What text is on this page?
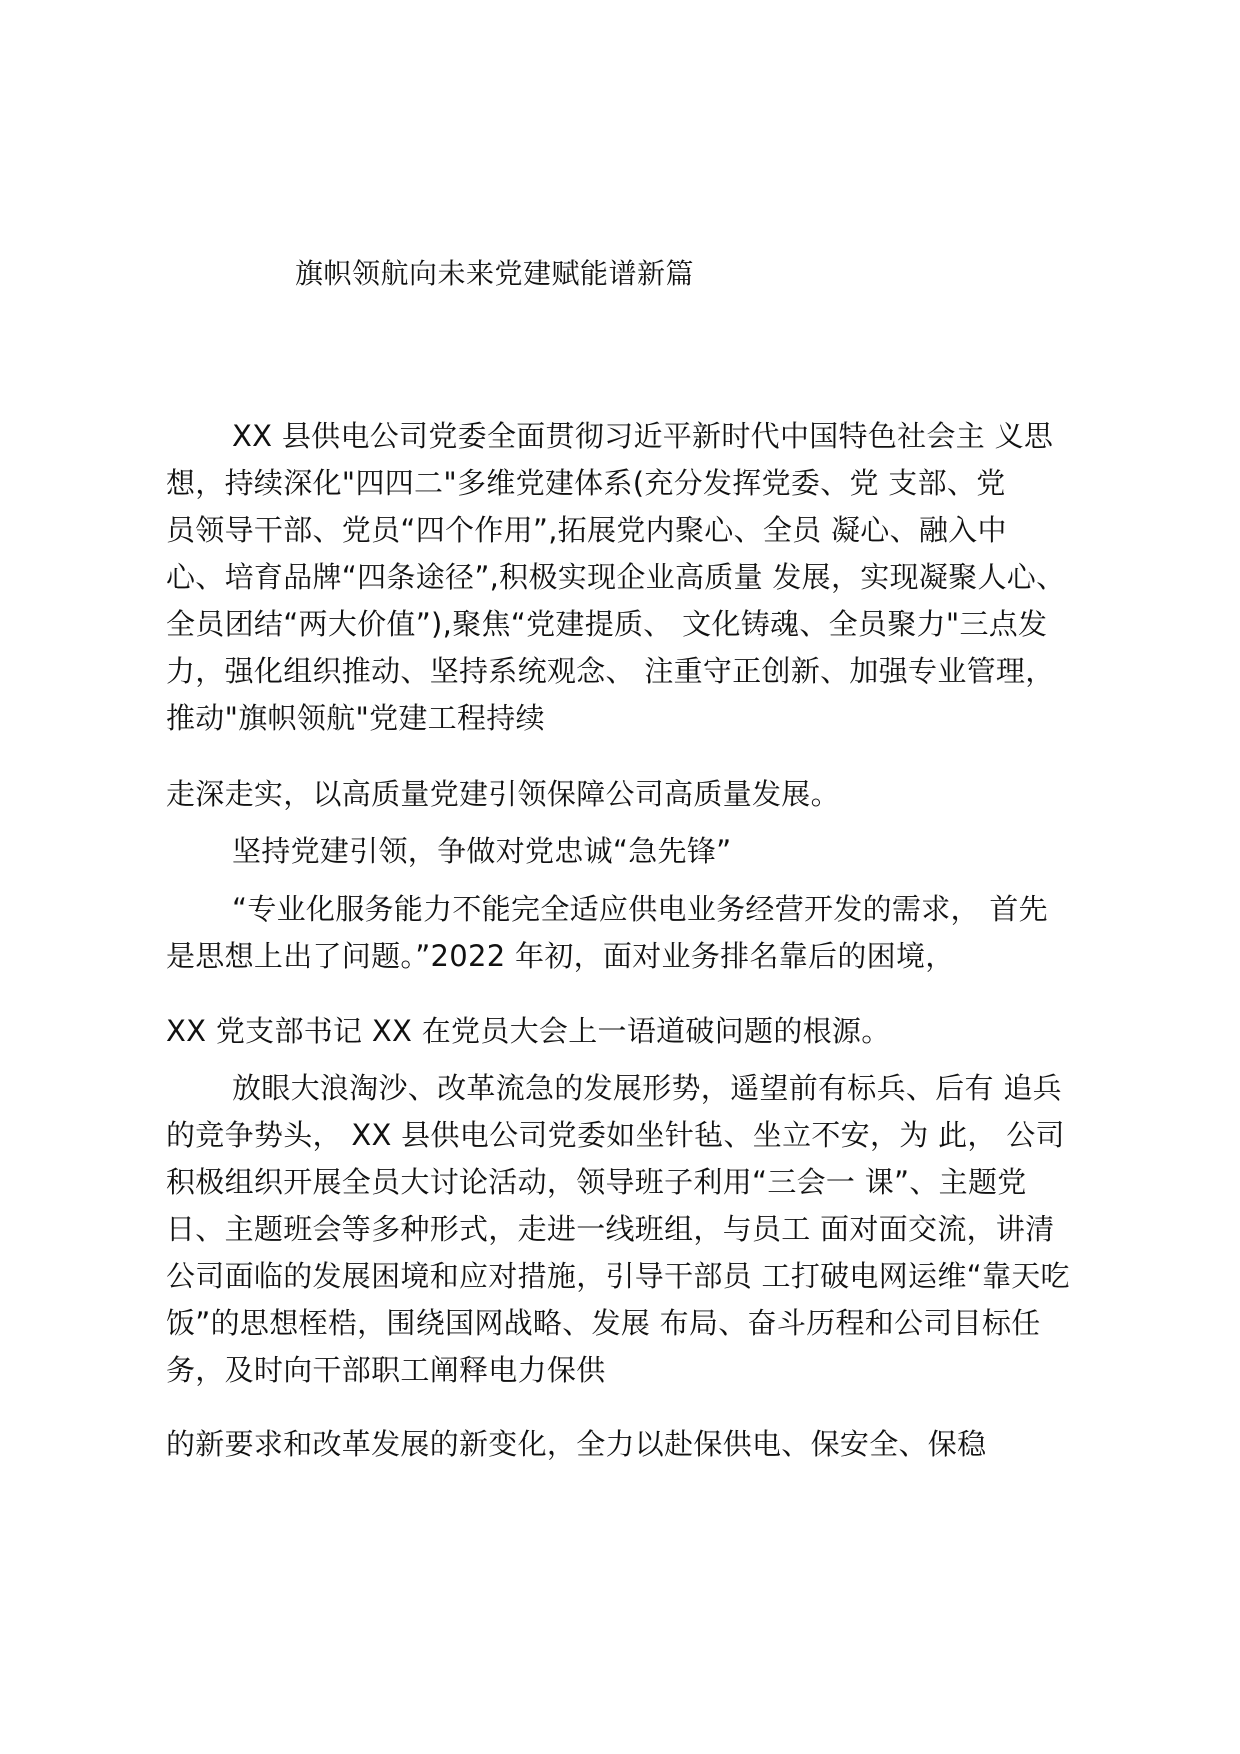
旗帜领航向未来党建赋能谱新篇
XX 县供电公司党委全面贯彻习近平新时代中国特色社会主 义思
想，持续深化"四四二"多维党建体系(充分发挥党委、党 支部、党
员领导干部、党员“四个作用”,拓展党内聚心、全员 凝心、融入中
心、培育品牌“四条途径”,积极实现企业高质量 发展，实现凝聚人心、
全员团结“两大价值”),聚焦“党建提质、 文化铸魂、全员聚力"三点发
力，强化组织推动、坚持系统观念、 注重守正创新、加强专业管理，
推动"旗帜领航"党建工程持续
走深走实，以高质量党建引领保障公司高质量发展。
坚持党建引领，争做对党忠诚“急先锋”
“专业化服务能力不能完全适应供电业务经营开发的需求， 首先
是思想上出了问题。”2022 年初，面对业务排名靠后的困境，
XX 党支部书记 XX 在党员大会上一语道破问题的根源。
放眼大浪淘沙、改革流急的发展形势，遥望前有标兵、后有 追兵
的竞争势头， XX 县供电公司党委如坐针毡、坐立不安，为 此， 公司
积极组织开展全员大讨论活动，领导班子利用“三会一 课”、主题党
日、主题班会等多种形式，走进一线班组，与员工 面对面交流，讲清
公司面临的发展困境和应对措施，引导干部员 工打破电网运维“靠天吃
饭”的思想桎梏，围绕国网战略、发展 布局、奋斗历程和公司目标任
务，及时向干部职工阐释电力保供
的新要求和改革发展的新变化，全力以赴保供电、保安全、保稳
